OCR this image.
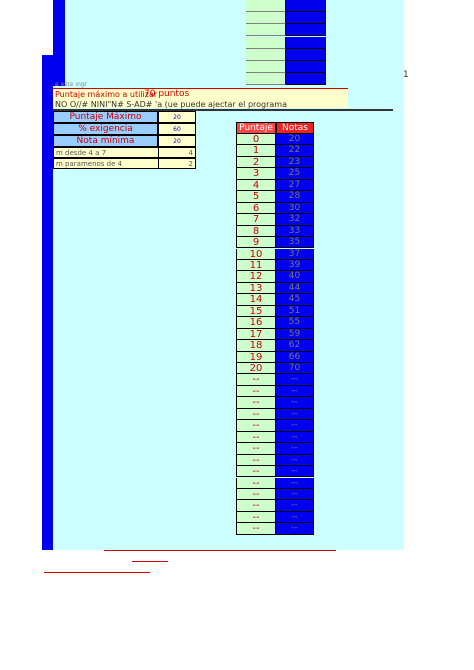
1
e este ingr
Puntaje máximo a utilizar
70 puntos
NO O//# NINI"N# S-AD# 'a (ue puede ajectar el programa
Puntaje Máximo	20
% exigencia	60
Nota mínima	20
m desde 4 a 7	4
m paramenos de 4	2
Puntaje	Notas
0	20
1	22
2	23
3	25
4	27
5	28
6	30
7	32
8	33
9	35
10	37
11	39
12	40
13	44
14	45
15	51
16	55
17	59
18	62
19	66
20	70
--	--
--	--
--	--
--	--
--	--
--	--
--	--
--	--
--	--
--	--
--	--
--	--
--	--
--	--
